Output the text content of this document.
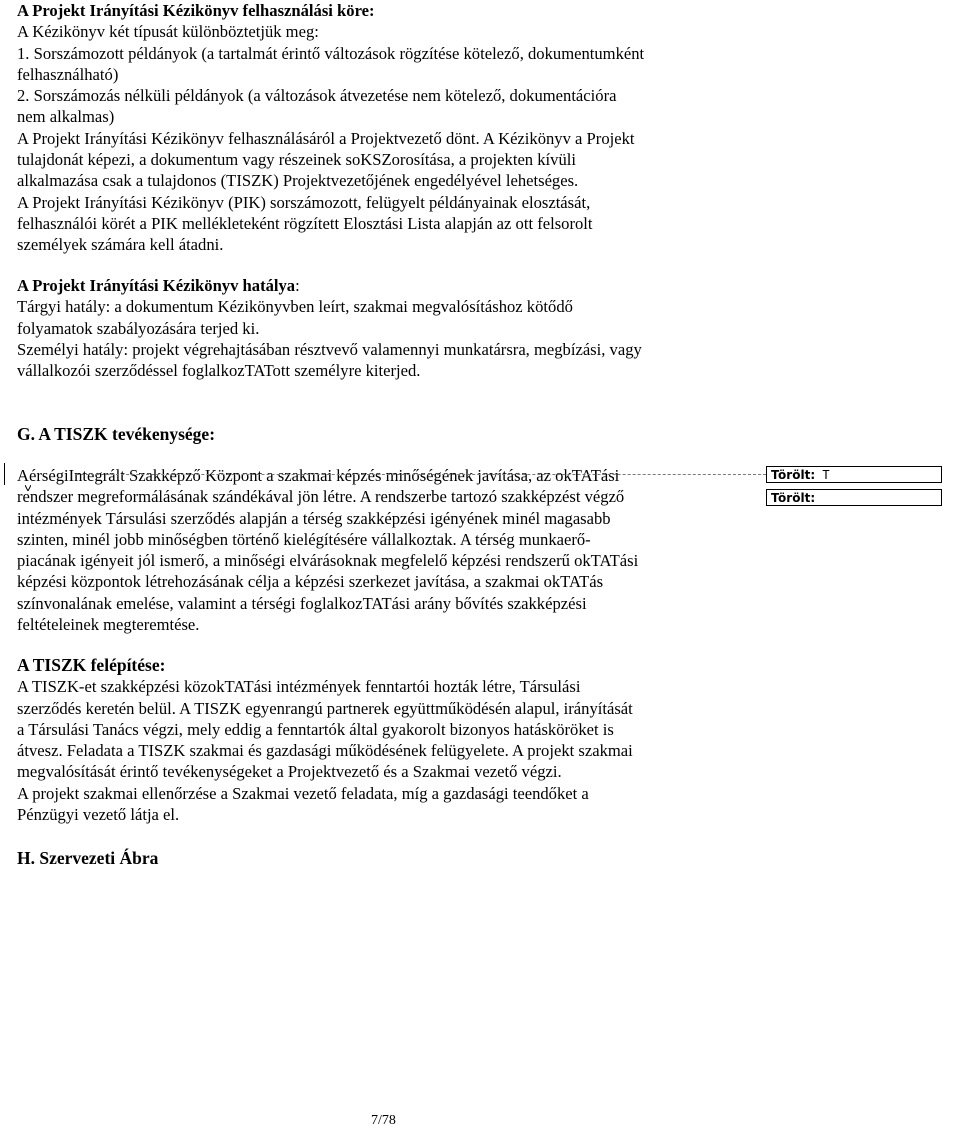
A Projekt Irányítási Kézikönyv felhasználási köre:

A Kézikönyv két típusát különböztetjük meg:
1. Sorszámozott példányok (a tartalmát érintő változások rögzítése kötelező, dokumentumként
felhasználható)
2. Sorszámozás nélküli példányok (a változások átvezetése nem kötelező, dokumentációra
nem alkalmas)
A Projekt Irányítási Kézikönyv felhasználásáról a Projektvezető dönt. A Kézikönyv a Projekt
tulajdonát képezi, a dokumentum vagy részeinek soKSZorosítása, a projekten kívüli
alkalmazása csak a tulajdonos (TISZK) Projektvezetőjének engedélyével lehetséges.
A Projekt Irányítási Kézikönyv (PIK) sorszámozott, felügyelt példányainak elosztását,
felhasználói körét a PIK mellékleteként rögzített Elosztási Lista alapján az ott felsorolt
személyek számára kell átadni.

A Projekt Irányítási Kézikönyv hatálya:

Tárgyi hatály: a dokumentum Kézikönyvben leírt, szakmai megvalósításhoz kötődő
folyamatok szabályozására terjed ki.
Személyi hatály: projekt végrehajtásában résztvevő valamennyi munkatársra, megbízási, vagy
vállalkozói szerződéssel foglalkozTATott személyre kiterjed.

G. A TISZK tevékenysége:

AérségiIntegrált Szakképző Központ a szakmai képzés minőségének javítása, az okTATási
rendszer megreformálásának szándékával jön létre. A rendszerbe tartozó szakképzést végző
intézmények Társulási szerződés alapján a térség szakképzési igényének minél magasabb
szinten, minél jobb minőségben történő kielégítésére vállalkoztak. A térség munkaerő-
piacának igényeit jól ismerő, a minőségi elvárásoknak megfelelő képzési rendszerű okTATási
képzési központok létrehozásának célja a képzési szerkezet javítása, a szakmai okTATás
színvonalának emelése, valamint a térségi foglalkozTATási arány bővítés szakképzési
feltételeinek megteremtése.

A TISZK felépítése:

A TISZK-et szakképzési közokTATási intézmények fenntartói hozták létre, Társulási
szerződés keretén belül. A TISZK egyenrangú partnerek együttműködésén alapul, irányítását
a Társulási Tanács végzi, mely eddig a fenntartók által gyakorolt bizonyos hatásköröket is
átvesz. Feladata a TISZK szakmai és gazdasági működésének felügyelete. A projekt szakmai
megvalósítását érintő tevékenységeket a Projektvezető és a Szakmai vezető végzi.
A projekt szakmai ellenőrzése a Szakmai vezető feladata, míg a gazdasági teendőket a
Pénzügyi vezető látja el.

H. Szervezeti Ábra

7/78
Törölt: T
Törölt:
